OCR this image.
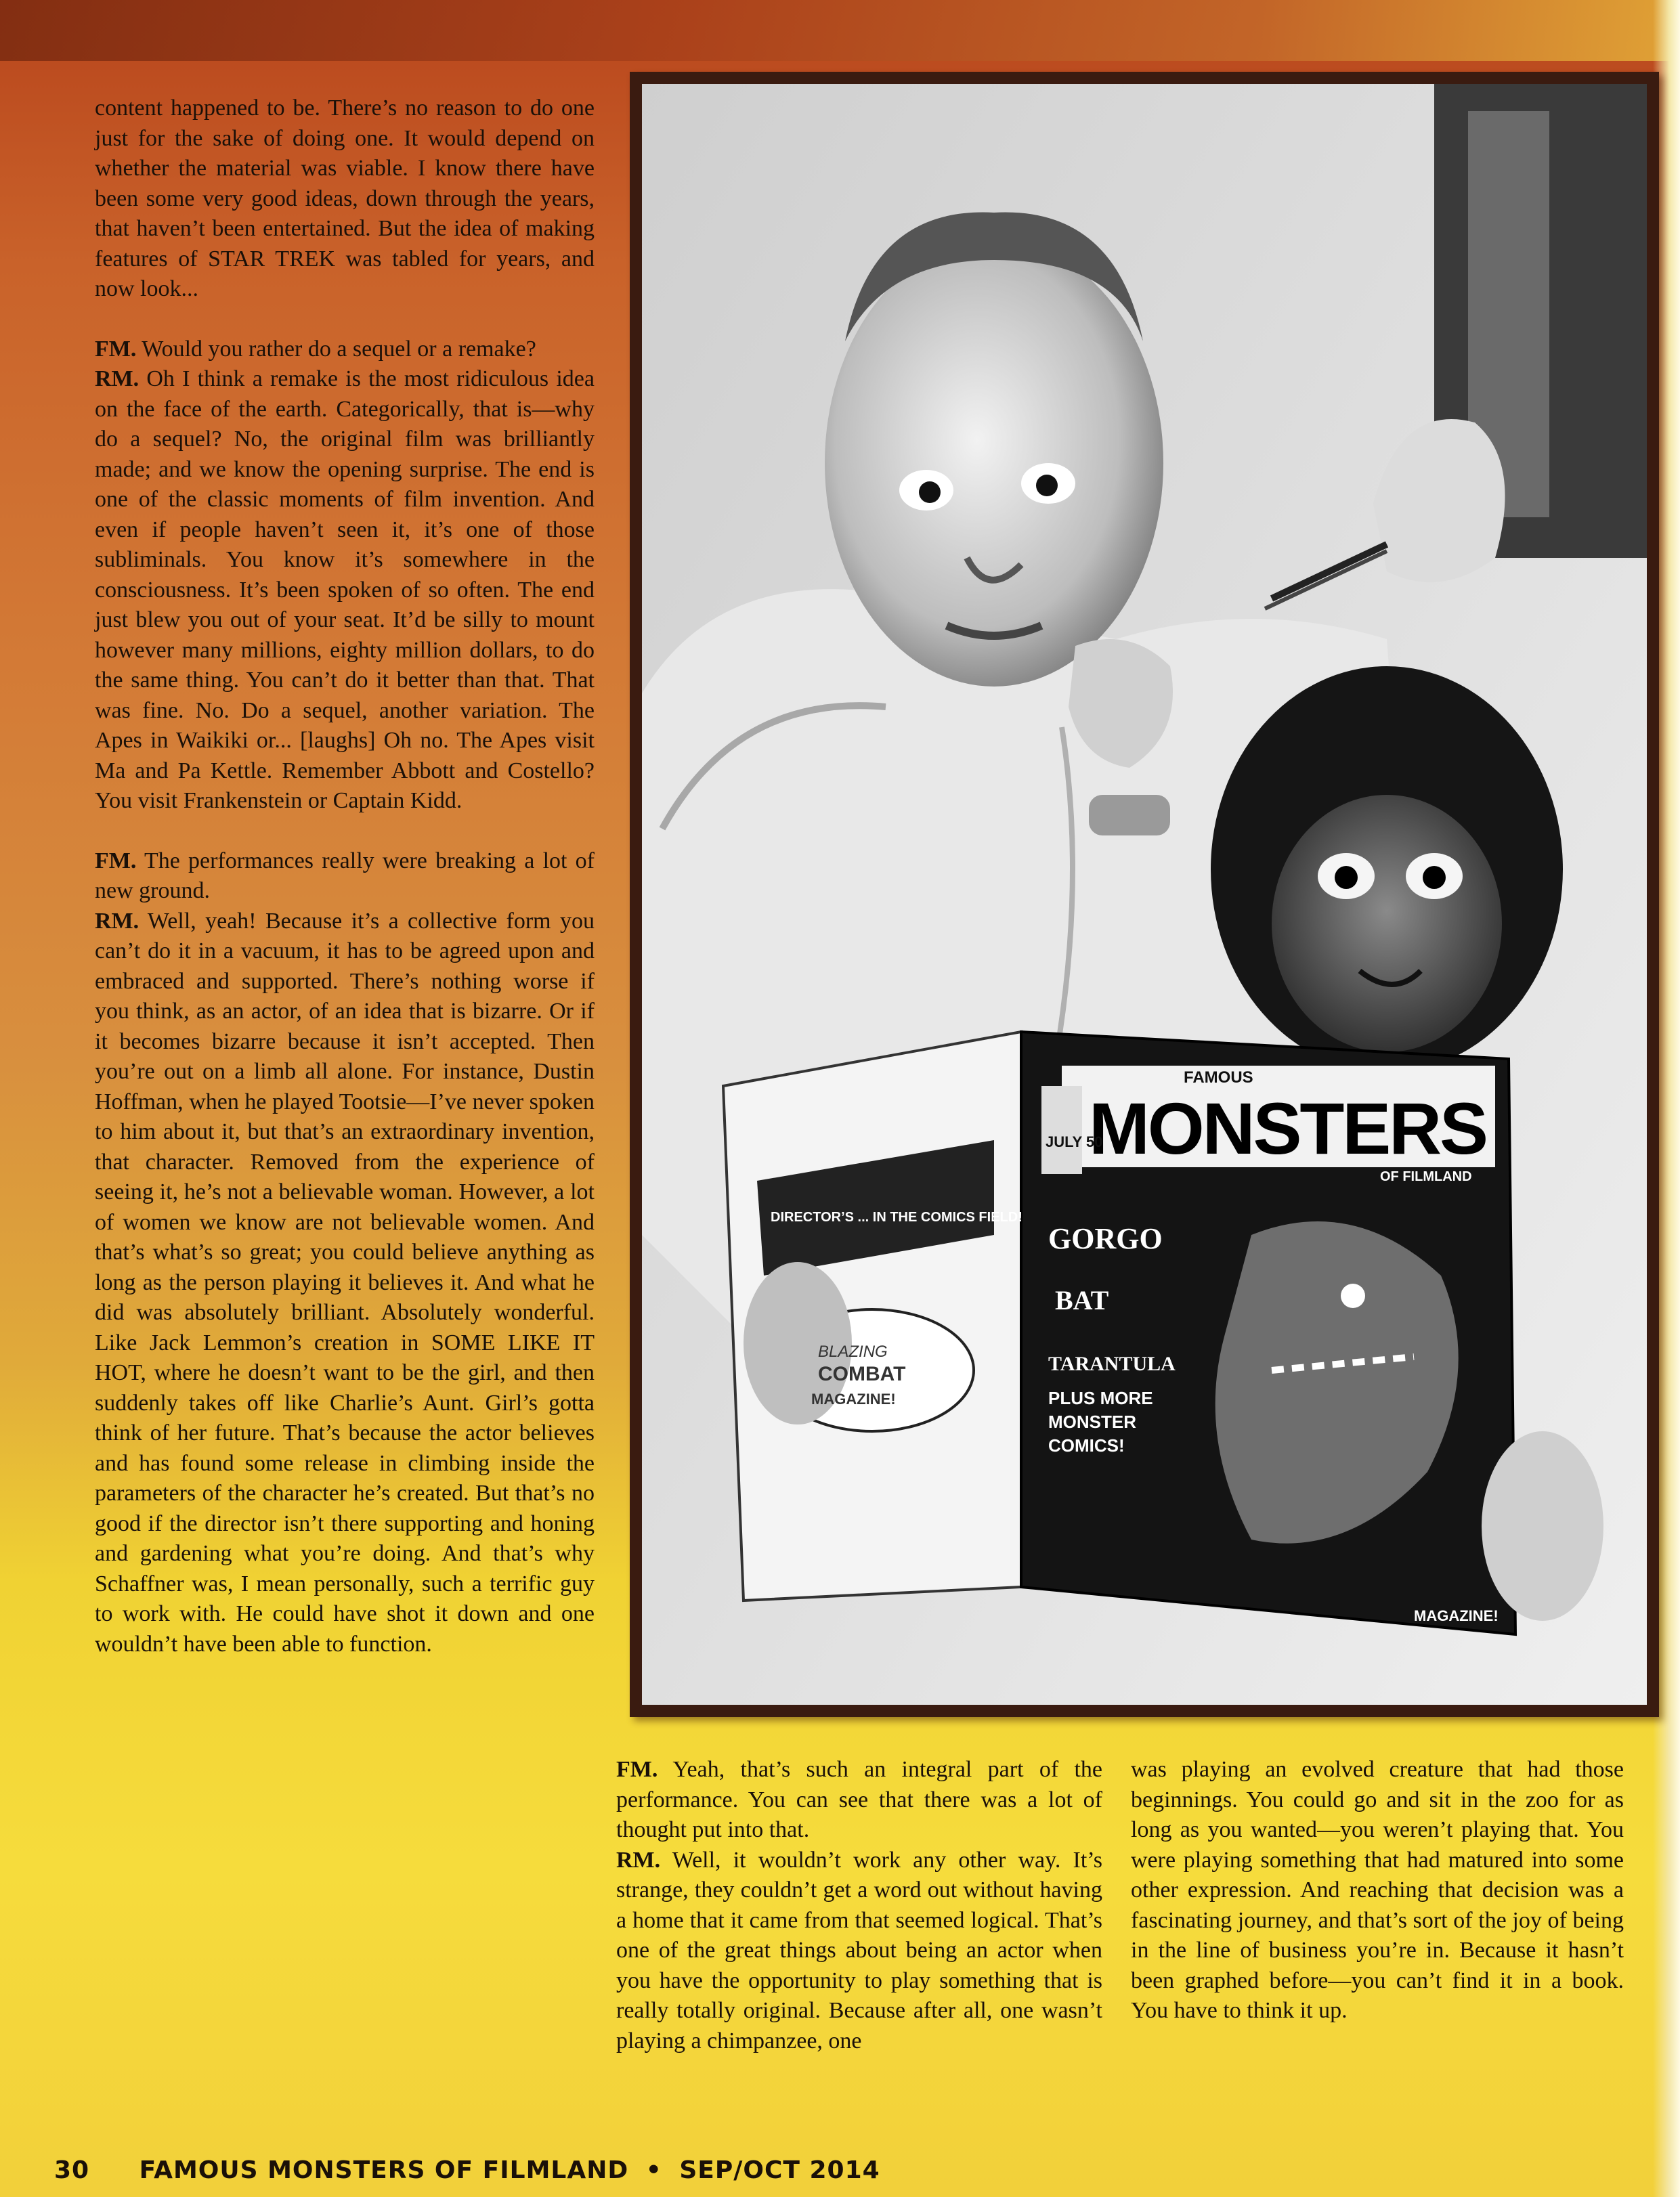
content happened to be. There’s no reason to do one just for the sake of doing one. It would depend on whether the material was viable. I know there have been some very good ideas, down through the years, that haven’t been entertained. But the idea of making features of STAR TREK was tabled for years, and now look...

FM. Would you rather do a sequel or a remake?

RM. Oh I think a remake is the most ridiculous idea on the face of the earth. Categorically, that is—why do a sequel? No, the original film was brilliantly made; and we know the opening surprise. The end is one of the classic moments of film invention. And even if people haven’t seen it, it’s one of those subliminals. You know it’s somewhere in the consciousness. It’s been spoken of so often. The end just blew you out of your seat. It’d be silly to mount however many millions, eighty million dollars, to do the same thing. You can’t do it better than that. That was fine. No. Do a sequel, another variation. The Apes in Waikiki or... [laughs] Oh no. The Apes visit Ma and Pa Kettle. Remember Abbott and Costello? You visit Frankenstein or Captain Kidd.

FM. The performances really were breaking a lot of new ground.

RM. Well, yeah! Because it’s a collective form you can’t do it in a vacuum, it has to be agreed upon and embraced and supported. There’s nothing worse if you think, as an actor, of an idea that is bizarre. Or if it becomes bizarre because it isn’t accepted. Then you’re out on a limb all alone. For instance, Dustin Hoffman, when he played Tootsie—I’ve never spoken to him about it, but that’s an extraordinary invention, that character. Removed from the experience of seeing it, he’s not a believable woman. However, a lot of women we know are not believable women. And that’s what’s so great; you could believe anything as long as the person playing it believes it. And what he did was absolutely brilliant. Absolutely wonderful. Like Jack Lemmon’s creation in SOME LIKE IT HOT, where he doesn’t want to be the girl, and then suddenly takes off like Charlie’s Aunt. Girl’s gotta think of her future. That’s because the actor believes and has found some release in climbing inside the parameters of the character he’s created. But that’s no good if the director isn’t there supporting and honing and gardening what you’re doing. And that’s why Schaffner was, I mean personally, such a terrific guy to work with. He could have shot it down and one wouldn’t have been able to function.

FAMOUS
MONSTERS
OF FILMLAND
JULY 50
GORGO
BAT
TARANTULA
PLUS MORE
MONSTER
COMICS!
BLAZING
COMBAT
MAGAZINE!
DIRECTOR’S ... IN THE COMICS FIELD!
MAGAZINE!

FM. Yeah, that’s such an integral part of the performance. You can see that there was a lot of thought put into that.

RM. Well, it wouldn’t work any other way. It’s strange, they couldn’t get a word out without having a home that it came from that seemed logical. That’s one of the great things about being an actor when you have the opportunity to play something that is really totally original. Because after all, one wasn’t playing a chimpanzee, one

was playing an evolved creature that had those beginnings. You could go and sit in the zoo for as long as you wanted—you weren’t playing that. You were playing something that had matured into some other expression. And reaching that decision was a fascinating journey, and that’s sort of the joy of being in the line of business you’re in. Because it hasn’t been graphed before—you can’t find it in a book. You have to think it up.

30 FAMOUS MONSTERS OF FILMLAND • SEP/OCT 2014
